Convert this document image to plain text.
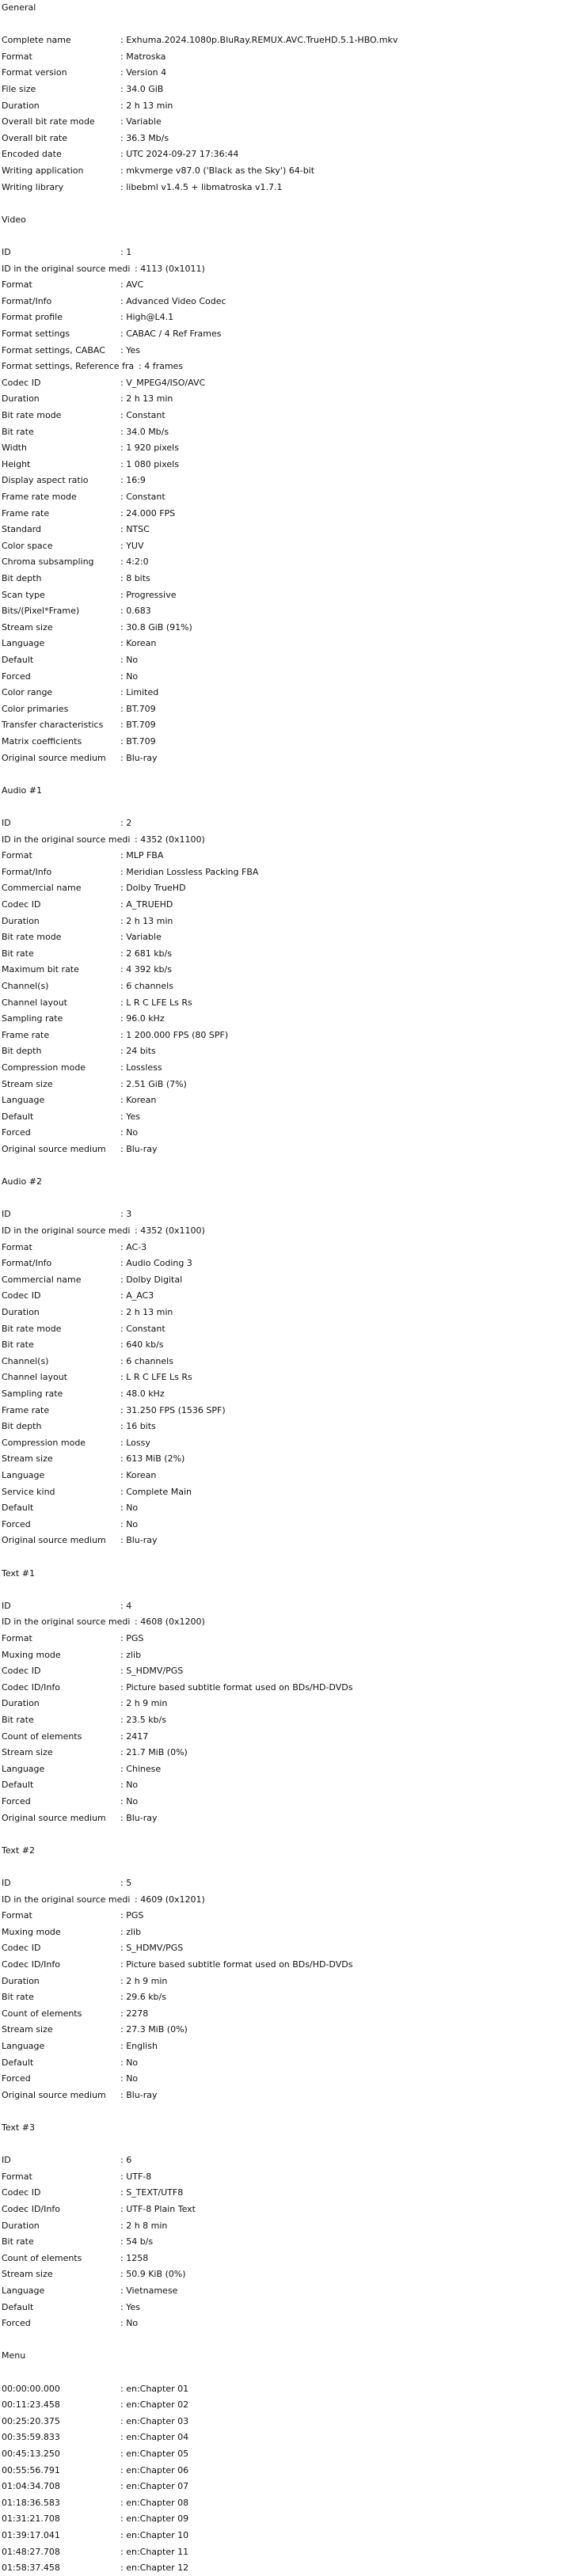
General
Complete name	: Exhuma.2024.1080p.BluRay.REMUX.AVC.TrueHD.5.1-HBO.mkv
Format	: Matroska
Format version	: Version 4
File size	: 34.0 GiB
Duration	: 2 h 13 min
Overall bit rate mode	: Variable
Overall bit rate	: 36.3 Mb/s
Encoded date	: UTC 2024-09-27 17:36:44
Writing application	: mkvmerge v87.0 ('Black as the Sky') 64-bit
Writing library	: libebml v1.4.5 + libmatroska v1.7.1
Video
ID	: 1
ID in the original source medi : 4113 (0x1011)
Format	: AVC
Format/Info	: Advanced Video Codec
Format profile	: High@L4.1
Format settings	: CABAC / 4 Ref Frames
Format settings, CABAC : Yes
Format settings, Reference fra : 4 frames
Codec ID	: V_MPEG4/ISO/AVC
Duration	: 2 h 13 min
Bit rate mode	: Constant
Bit rate	: 34.0 Mb/s
Width	: 1 920 pixels
Height	: 1 080 pixels
Display aspect ratio	: 16:9
Frame rate mode	: Constant
Frame rate	: 24.000 FPS
Standard	: NTSC
Color space	: YUV
Chroma subsampling	: 4:2:0
Bit depth	: 8 bits
Scan type	: Progressive
Bits/(Pixel*Frame)	: 0.683
Stream size	: 30.8 GiB (91%)
Language	: Korean
Default	: No
Forced	: No
Color range	: Limited
Color primaries	: BT.709
Transfer characteristics : BT.709
Matrix coefficients	: BT.709
Original source medium : Blu-ray
Audio #1
ID	: 2
ID in the original source medi : 4352 (0x1100)
Format	: MLP FBA
Format/Info	: Meridian Lossless Packing FBA
Commercial name	: Dolby TrueHD
Codec ID	: A_TRUEHD
Duration	: 2 h 13 min
Bit rate mode	: Variable
Bit rate	: 2 681 kb/s
Maximum bit rate	: 4 392 kb/s
Channel(s)	: 6 channels
Channel layout	: L R C LFE Ls Rs
Sampling rate	: 96.0 kHz
Frame rate	: 1 200.000 FPS (80 SPF)
Bit depth	: 24 bits
Compression mode	: Lossless
Stream size	: 2.51 GiB (7%)
Language	: Korean
Default	: Yes
Forced	: No
Original source medium : Blu-ray
Audio #2
ID	: 3
ID in the original source medi : 4352 (0x1100)
Format	: AC-3
Format/Info	: Audio Coding 3
Commercial name	: Dolby Digital
Codec ID	: A_AC3
Duration	: 2 h 13 min
Bit rate mode	: Constant
Bit rate	: 640 kb/s
Channel(s)	: 6 channels
Channel layout	: L R C LFE Ls Rs
Sampling rate	: 48.0 kHz
Frame rate	: 31.250 FPS (1536 SPF)
Bit depth	: 16 bits
Compression mode	: Lossy
Stream size	: 613 MiB (2%)
Language	: Korean
Service kind	: Complete Main
Default	: No
Forced	: No
Original source medium : Blu-ray
Text #1
ID	: 4
ID in the original source medi : 4608 (0x1200)
Format	: PGS
Muxing mode	: zlib
Codec ID	: S_HDMV/PGS
Codec ID/Info	: Picture based subtitle format used on BDs/HD-DVDs
Duration	: 2 h 9 min
Bit rate	: 23.5 kb/s
Count of elements	: 2417
Stream size	: 21.7 MiB (0%)
Language	: Chinese
Default	: No
Forced	: No
Original source medium : Blu-ray
Text #2
ID	: 5
ID in the original source medi : 4609 (0x1201)
Format	: PGS
Muxing mode	: zlib
Codec ID	: S_HDMV/PGS
Codec ID/Info	: Picture based subtitle format used on BDs/HD-DVDs
Duration	: 2 h 9 min
Bit rate	: 29.6 kb/s
Count of elements	: 2278
Stream size	: 27.3 MiB (0%)
Language	: English
Default	: No
Forced	: No
Original source medium : Blu-ray
Text #3
ID	: 6
Format	: UTF-8
Codec ID	: S_TEXT/UTF8
Codec ID/Info	: UTF-8 Plain Text
Duration	: 2 h 8 min
Bit rate	: 54 b/s
Count of elements	: 1258
Stream size	: 50.9 KiB (0%)
Language	: Vietnamese
Default	: Yes
Forced	: No
Menu
00:00:00.000	: en:Chapter 01
00:11:23.458	: en:Chapter 02
00:25:20.375	: en:Chapter 03
00:35:59.833	: en:Chapter 04
00:45:13.250	: en:Chapter 05
00:55:56.791	: en:Chapter 06
01:04:34.708	: en:Chapter 07
01:18:36.583	: en:Chapter 08
01:31:21.708	: en:Chapter 09
01:39:17.041	: en:Chapter 10
01:48:27.708	: en:Chapter 11
01:58:37.458	: en:Chapter 12
